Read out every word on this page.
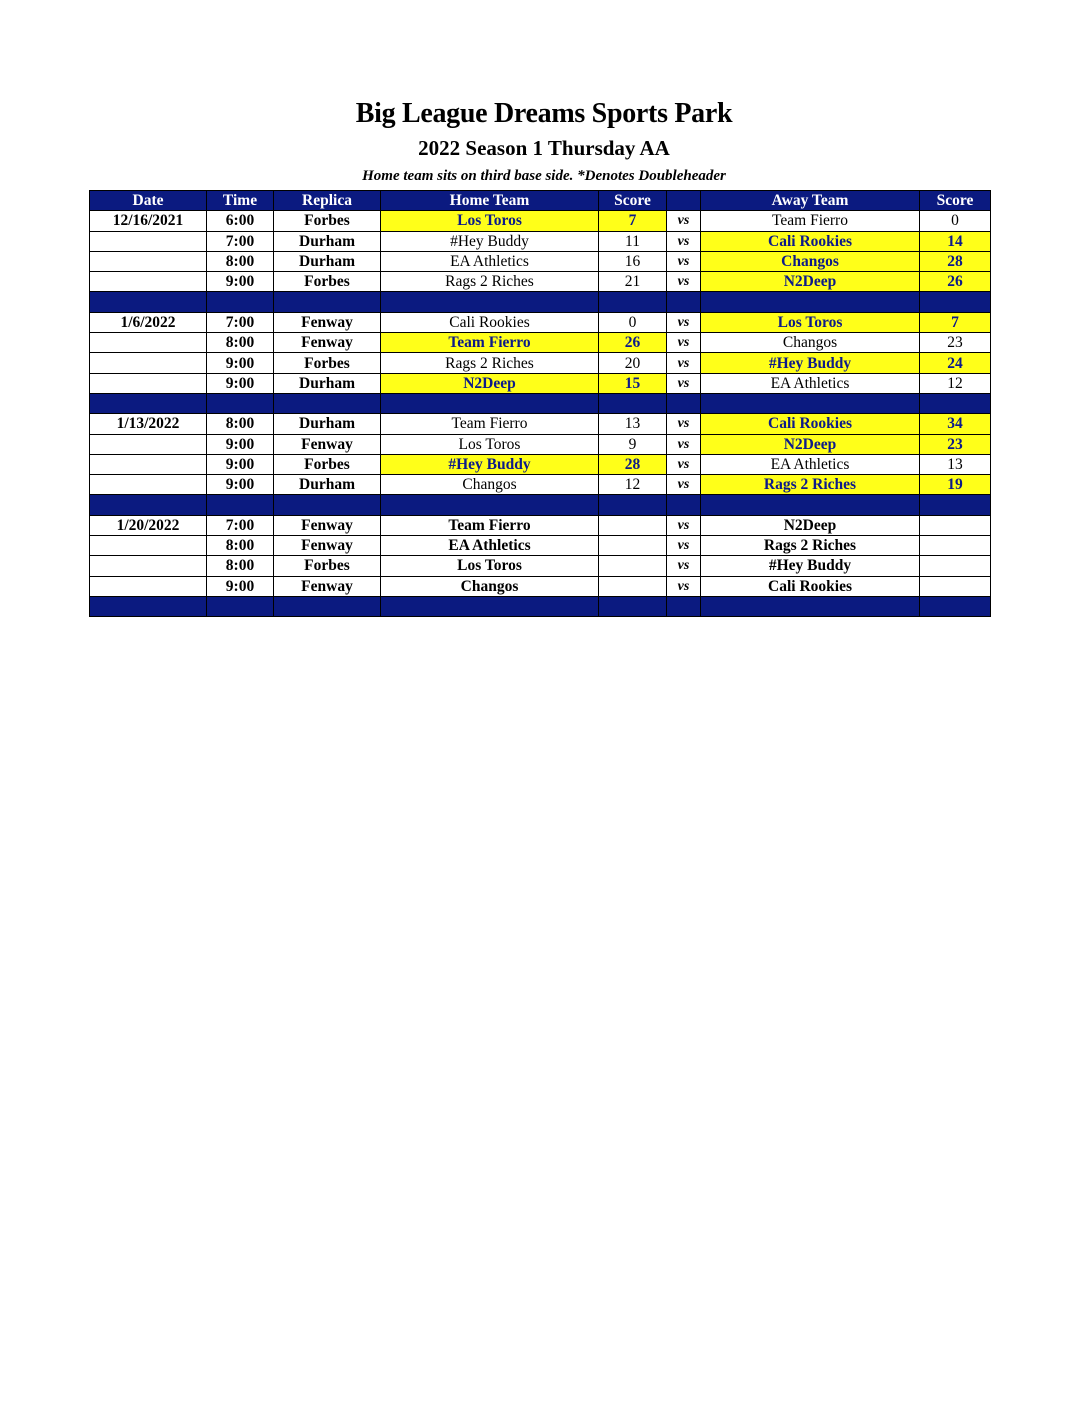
Big League Dreams Sports Park
2022 Season 1 Thursday AA
Home team sits on third base side. *Denotes Doubleheader
Date	Time	Replica	Home Team	Score		Away Team	Score
12/16/2021	6:00	Forbes	Los Toros	7	vs	Team Fierro	0
	7:00	Durham	#Hey Buddy	11	vs	Cali Rookies	14
	8:00	Durham	EA Athletics	16	vs	Changos	28
	9:00	Forbes	Rags 2 Riches	21	vs	N2Deep	26

1/6/2022	7:00	Fenway	Cali Rookies	0	vs	Los Toros	7
	8:00	Fenway	Team Fierro	26	vs	Changos	23
	9:00	Forbes	Rags 2 Riches	20	vs	#Hey Buddy	24
	9:00	Durham	N2Deep	15	vs	EA Athletics	12

1/13/2022	8:00	Durham	Team Fierro	13	vs	Cali Rookies	34
	9:00	Fenway	Los Toros	9	vs	N2Deep	23
	9:00	Forbes	#Hey Buddy	28	vs	EA Athletics	13
	9:00	Durham	Changos	12	vs	Rags 2 Riches	19

1/20/2022	7:00	Fenway	Team Fierro		vs	N2Deep	
	8:00	Fenway	EA Athletics		vs	Rags 2 Riches	
	8:00	Forbes	Los Toros		vs	#Hey Buddy	
	9:00	Fenway	Changos		vs	Cali Rookies	
